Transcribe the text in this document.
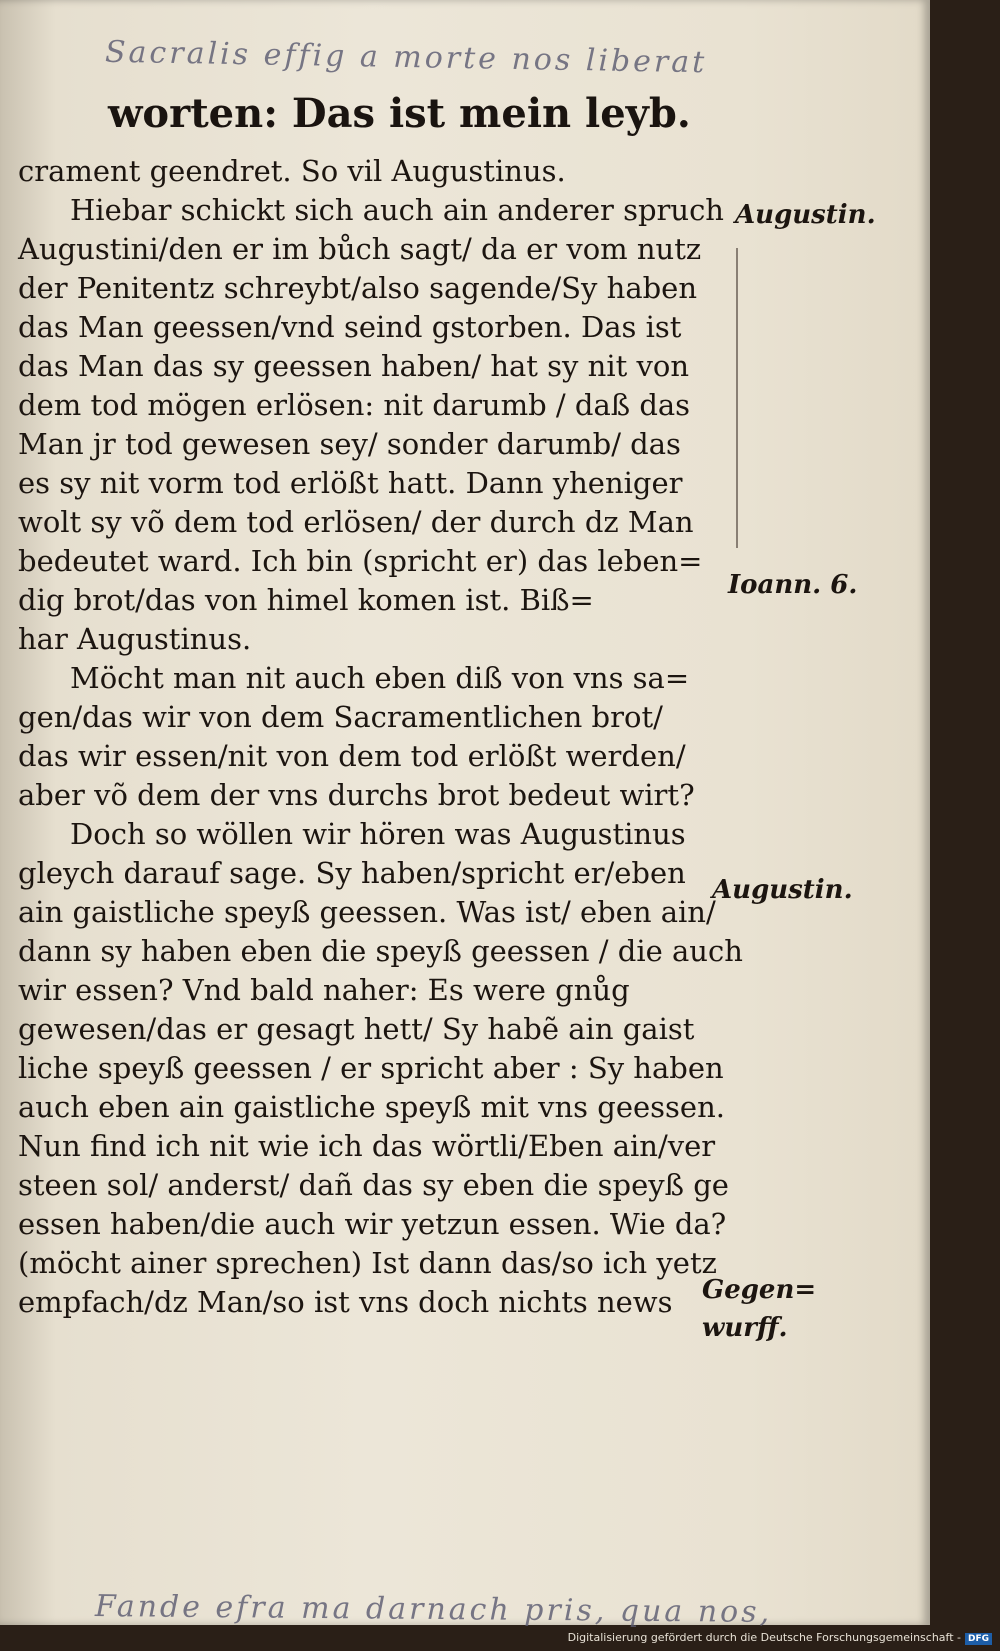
Sacralis effig a morte nos liberat
worten: Das ist mein leyb.
crament geendret. So vil Augustinus.
Hiebar schickt sich auch ain anderer spruch
Augustini/den er im bůch sagt/ da er vom nutz
der Penitentz schreybt/also sagende/Sy haben
das Man geessen/vnd seind gstorben. Das ist
das Man das sy geessen haben/ hat sy nit von
dem tod mögen erlösen: nit darumb / daß das
Man jr tod gewesen sey/ sonder darumb/ das
es sy nit vorm tod erlößt hatt. Dann yheniger
wolt sy võ dem tod erlösen/ der durch dz Man
bedeutet ward. Ich bin (spricht er) das leben=
dig brot/das von himel komen ist. Biß=
har Augustinus.
Möcht man nit auch eben diß von vns sa=
gen/das wir von dem Sacramentlichen brot/
das wir essen/nit von dem tod erlößt werden/
aber võ dem der vns durchs brot bedeut wirt?
Doch so wöllen wir hören was Augustinus
gleych darauf sage. Sy haben/spricht er/eben
ain gaistliche speyß geessen. Was ist/ eben ain/
dann sy haben eben die speyß geessen / die auch
wir essen? Vnd bald naher: Es were gnůg
gewesen/das er gesagt hett/ Sy habẽ ain gaist
liche speyß geessen / er spricht aber : Sy haben
auch eben ain gaistliche speyß mit vns geessen.
Nun find ich nit wie ich das wörtli/Eben ain/ver
steen sol/ anderst/ dañ das sy eben die speyß ge
essen haben/die auch wir yetzun essen. Wie da?
(möcht ainer sprechen) Ist dann das/so ich yetz
empfach/dz Man/so ist vns doch nichts news
Augustin.
Ioann. 6.
Augustin.
Gegen=
wurff.
Fande efra ma darnach pris, qua nos,
Digitalisierung gefördert durch die Deutsche Forschungsgemeinschaft - DFG
